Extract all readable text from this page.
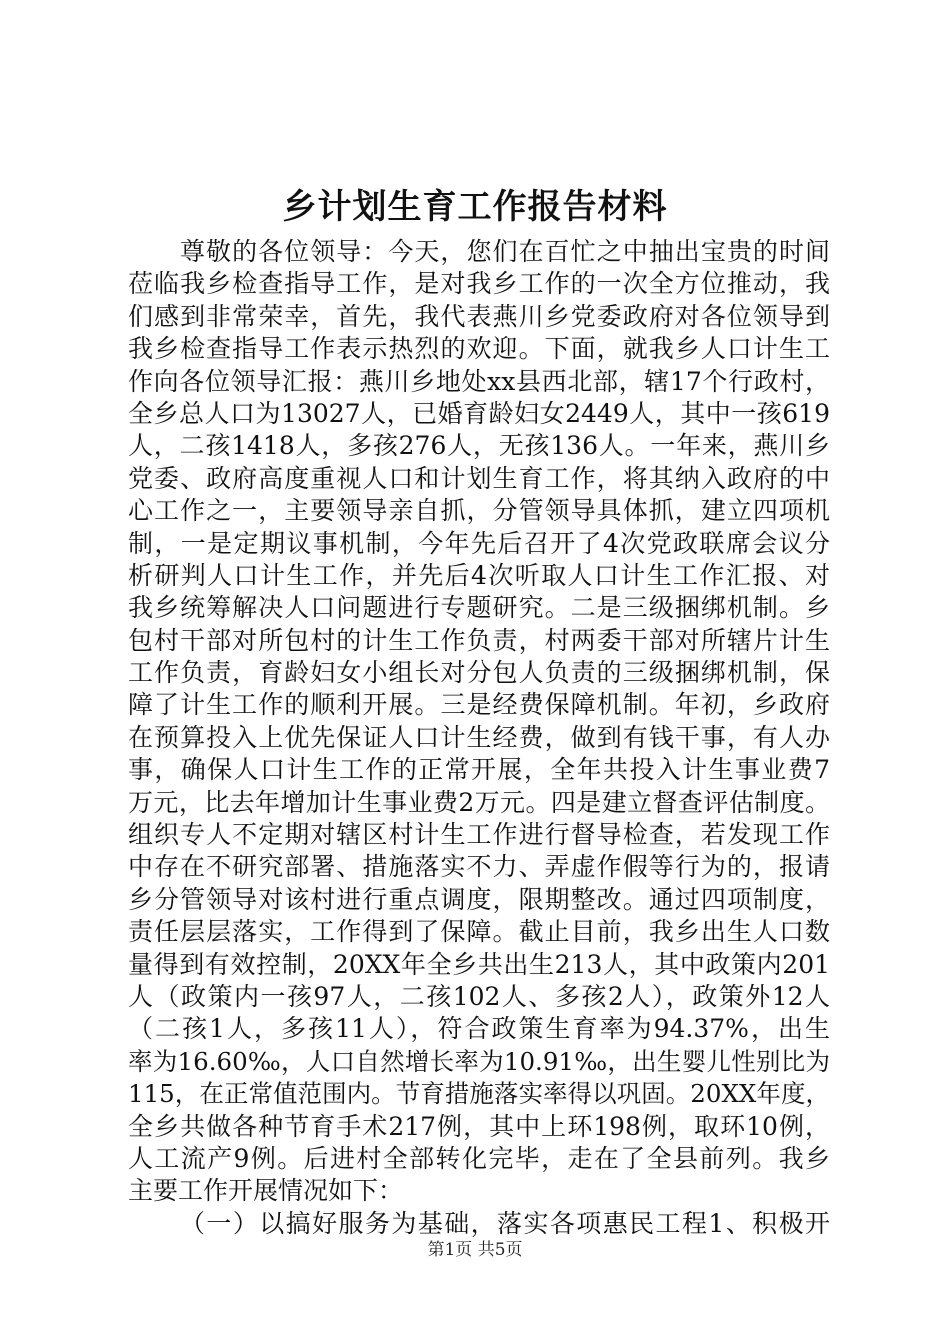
乡计划生育工作报告材料
尊敬的各位领导：今天，您们在百忙之中抽出宝贵的时间
莅临我乡检查指导工作，是对我乡工作的一次全方位推动，我
们感到非常荣幸，首先，我代表燕川乡党委政府对各位领导到
我乡检查指导工作表示热烈的欢迎。下面，就我乡人口计生工
作向各位领导汇报：燕川乡地处xx县西北部，辖17个行政村，
全乡总人口为13027人，已婚育龄妇女2449人，其中一孩619
人，二孩1418人，多孩276人，无孩136人。一年来，燕川乡
党委、政府高度重视人口和计划生育工作，将其纳入政府的中
心工作之一，主要领导亲自抓，分管领导具体抓，建立四项机
制，一是定期议事机制，今年先后召开了4次党政联席会议分
析研判人口计生工作，并先后4次听取人口计生工作汇报、对
我乡统筹解决人口问题进行专题研究。二是三级捆绑机制。乡
包村干部对所包村的计生工作负责，村两委干部对所辖片计生
工作负责，育龄妇女小组长对分包人负责的三级捆绑机制，保
障了计生工作的顺利开展。三是经费保障机制。年初，乡政府
在预算投入上优先保证人口计生经费，做到有钱干事，有人办
事，确保人口计生工作的正常开展，全年共投入计生事业费7
万元，比去年增加计生事业费2万元。四是建立督查评估制度。
组织专人不定期对辖区村计生工作进行督导检查，若发现工作
中存在不研究部署、措施落实不力、弄虚作假等行为的，报请
乡分管领导对该村进行重点调度，限期整改。通过四项制度，
责任层层落实，工作得到了保障。截止目前，我乡出生人口数
量得到有效控制，20XX年全乡共出生213人，其中政策内201
人（政策内一孩97人，二孩102人、多孩2人），政策外12人
（二孩1人，多孩11人），符合政策生育率为94.37%，出生
率为16.60‰，人口自然增长率为10.91‰，出生婴儿性别比为
115，在正常值范围内。节育措施落实率得以巩固。20XX年度，
全乡共做各种节育手术217例，其中上环198例，取环10例，
人工流产9例。后进村全部转化完毕，走在了全县前列。我乡
主要工作开展情况如下：
（一）以搞好服务为基础，落实各项惠民工程1、积极开
第1页 共5页
